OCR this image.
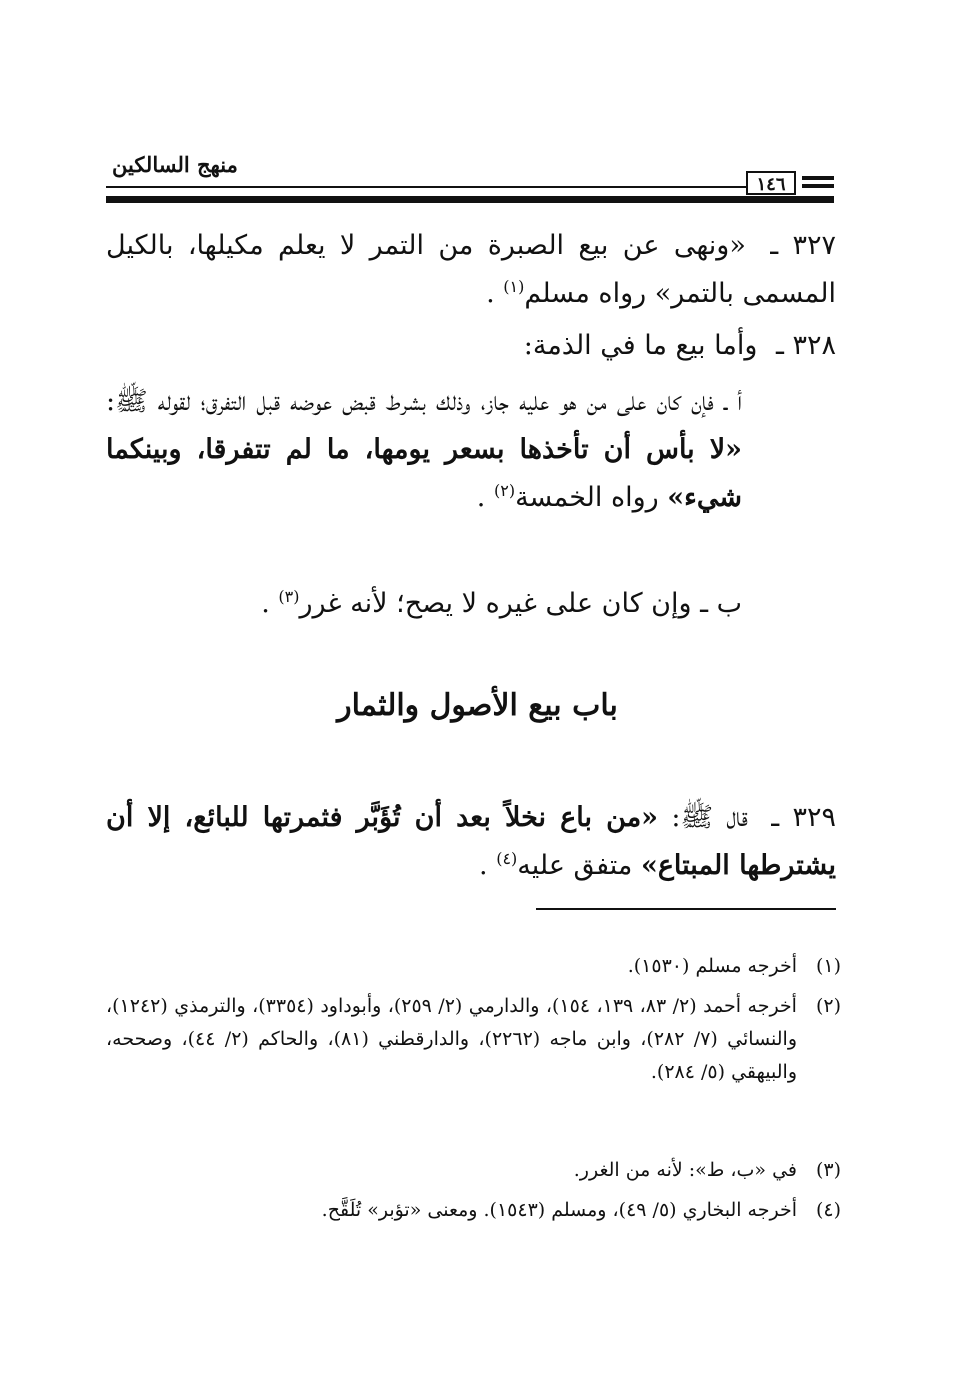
منهج السالكين
١٤٦
٣٢٧ ـ «ونهى عن بيع الصبرة من التمر لا يعلم مكيلها، بالكيل المسمى بالتمر» رواه مسلم$^{(١)}$ .
٣٢٨ ـ وأما بيع ما في الذمة:
أ ـ فإن كان على من هو عليه جاز، وذلك بشرط قبض عوضه قبل التفرق؛ لقوله ﷺ: «لا بأس أن تأخذها بسعر يومها، ما لم تتفرقا، وبينكما شيء» رواه الخمسة$^{(٢)}$ .
ب ـ وإن كان على غيره لا يصح؛ لأنه غرر$^{(٣)}$ .
باب بيع الأصول والثمار
٣٢٩ ـ قال ﷺ: «من باع نخلاً بعد أن تُؤَبَّر فثمرتها للبائع، إلا أن يشترطها المبتاع» متفق عليه$^{(٤)}$ .
(١)أخرجه مسلم (١٥٣٠).
(٢)
أخرجه أحمد (٢/ ٨٣، ١٣٩، ١٥٤)، والدارمي (٢/ ٢٥٩)، وأبوداود (٣٣٥٤)، والترمذي (١٢٤٢)، والنسائي (٧/ ٢٨٢)، وابن ماجه (٢٢٦٢)، والدارقطني (٨١)، والحاكم (٢/ ٤٤)، وصححه، والبيهقي (٥/ ٢٨٤).
(٣)في «ب، ط»: لأنه من الغرر.
(٤)أخرجه البخاري (٥/ ٤٩)، ومسلم (١٥٤٣). ومعنى «تؤبر» تُلَقَّح.
